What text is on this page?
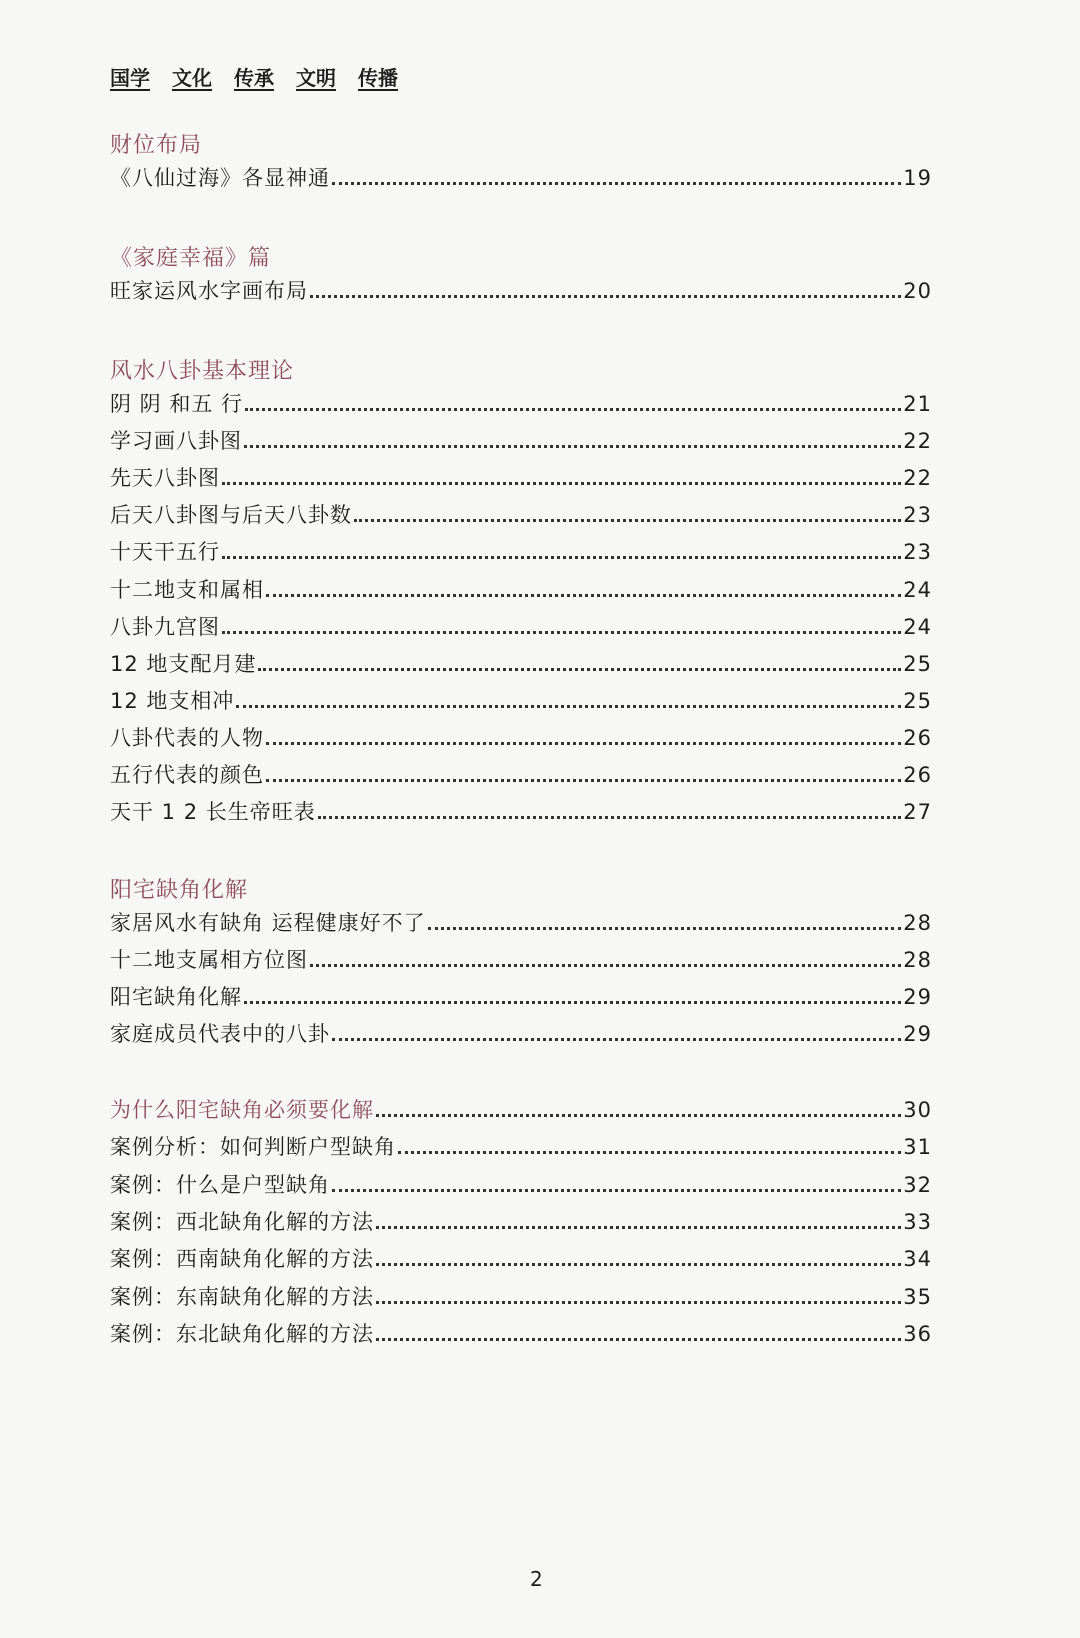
国学 文化 传承 文明 传播
财位布局
《八仙过海》各显神通	19
《家庭幸福》篇
旺家运风水字画布局	20
风水八卦基本理论
阴 阴 和五 行	21
学习画八卦图	22
先天八卦图	22
后天八卦图与后天八卦数	23
十天干五行	23
十二地支和属相	24
八卦九宫图	24
12 地支配月建	25
12 地支相冲	25
八卦代表的人物	26
五行代表的颜色	26
天干 1 2 长生帝旺表	27
阳宅缺角化解
家居风水有缺角 运程健康好不了	28
十二地支属相方位图	28
阳宅缺角化解	29
家庭成员代表中的八卦	29
为什么阳宅缺角必须要化解	30
案例分析：如何判断户型缺角	31
案例：什么是户型缺角	32
案例：西北缺角化解的方法	33
案例：西南缺角化解的方法	34
案例：东南缺角化解的方法	35
案例：东北缺角化解的方法	36
2
